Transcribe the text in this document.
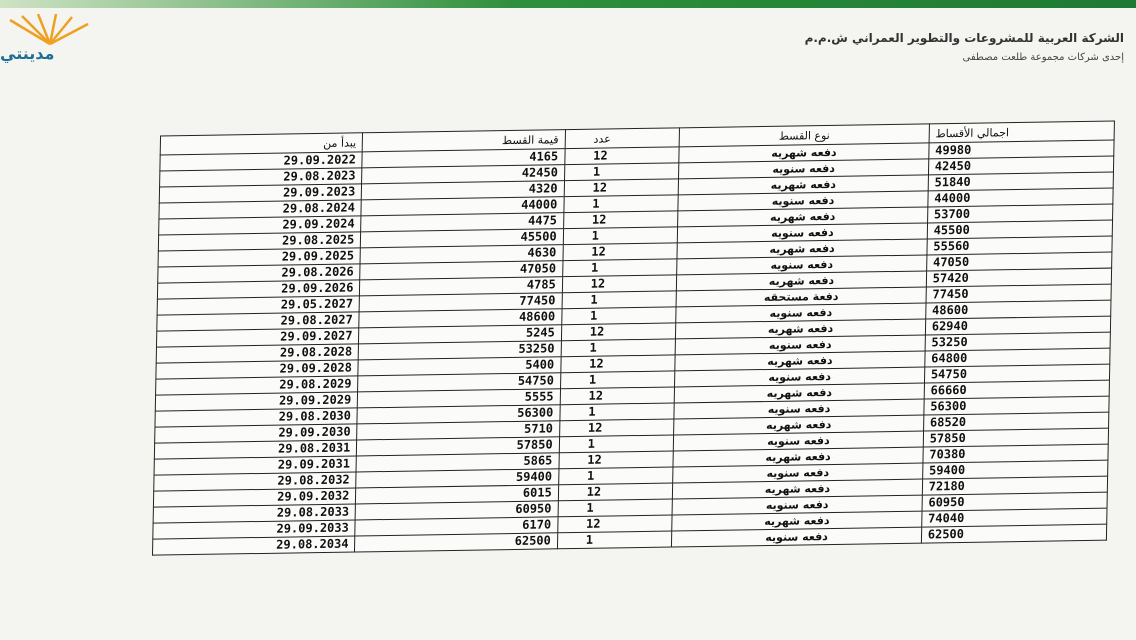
مدينتي
الشركة العربية للمشروعات والتطوير العمراني ش.م.م
إحدى شركات مجموعة طلعت مصطفى
يبدأ من	قيمة القسط	عدد	نوع القسط	اجمالي الأقساط
29.09.2022	4165	12	دفعه شهريه	49980
29.08.2023	42450	1	دفعه سنويه	42450
29.09.2023	4320	12	دفعه شهريه	51840
29.08.2024	44000	1	دفعه سنويه	44000
29.09.2024	4475	12	دفعه شهريه	53700
29.08.2025	45500	1	دفعه سنويه	45500
29.09.2025	4630	12	دفعه شهريه	55560
29.08.2026	47050	1	دفعه سنويه	47050
29.09.2026	4785	12	دفعه شهريه	57420
29.05.2027	77450	1	دفعة مستحقه	77450
29.08.2027	48600	1	دفعه سنويه	48600
29.09.2027	5245	12	دفعه شهريه	62940
29.08.2028	53250	1	دفعه سنويه	53250
29.09.2028	5400	12	دفعه شهريه	64800
29.08.2029	54750	1	دفعه سنويه	54750
29.09.2029	5555	12	دفعه شهريه	66660
29.08.2030	56300	1	دفعه سنويه	56300
29.09.2030	5710	12	دفعه شهريه	68520
29.08.2031	57850	1	دفعه سنويه	57850
29.09.2031	5865	12	دفعه شهريه	70380
29.08.2032	59400	1	دفعه سنويه	59400
29.09.2032	6015	12	دفعه شهريه	72180
29.08.2033	60950	1	دفعه سنويه	60950
29.09.2033	6170	12	دفعه شهريه	74040
29.08.2034	62500	1	دفعه سنويه	62500
